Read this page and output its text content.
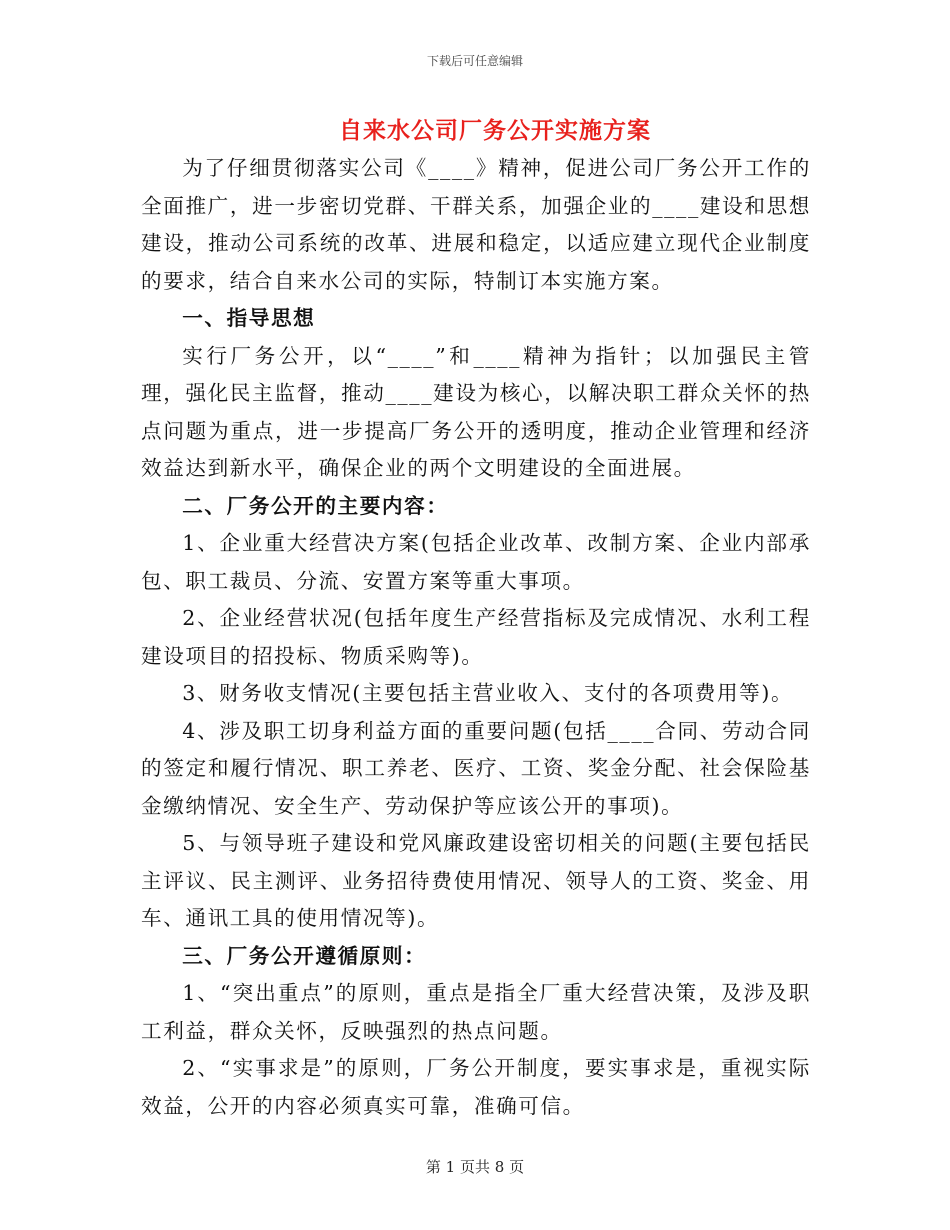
下载后可任意编辑
自来水公司厂务公开实施方案

为了仔细贯彻落实公司《____》精神，促进公司厂务公开工作的全面推广，进一步密切党群、干群关系，加强企业的____建设和思想建设，推动公司系统的改革、进展和稳定，以适应建立现代企业制度的要求，结合自来水公司的实际，特制订本实施方案。

一、指导思想

实行厂务公开，以“____”和____精神为指针；以加强民主管理，强化民主监督，推动____建设为核心，以解决职工群众关怀的热点问题为重点，进一步提高厂务公开的透明度，推动企业管理和经济效益达到新水平，确保企业的两个文明建设的全面进展。

二、厂务公开的主要内容：

1、企业重大经营决方案(包括企业改革、改制方案、企业内部承包、职工裁员、分流、安置方案等重大事项。

2、企业经营状况(包括年度生产经营指标及完成情况、水利工程建设项目的招投标、物质采购等)。

3、财务收支情况(主要包括主营业收入、支付的各项费用等)。

4、涉及职工切身利益方面的重要问题(包括____合同、劳动合同的签定和履行情况、职工养老、医疗、工资、奖金分配、社会保险基金缴纳情况、安全生产、劳动保护等应该公开的事项)。

5、与领导班子建设和党风廉政建设密切相关的问题(主要包括民主评议、民主测评、业务招待费使用情况、领导人的工资、奖金、用车、通讯工具的使用情况等)。

三、厂务公开遵循原则：

1、“突出重点”的原则，重点是指全厂重大经营决策，及涉及职工利益，群众关怀，反映强烈的热点问题。

2、“实事求是”的原则，厂务公开制度，要实事求是，重视实际效益，公开的内容必须真实可靠，准确可信。

第 1 页共 8 页
